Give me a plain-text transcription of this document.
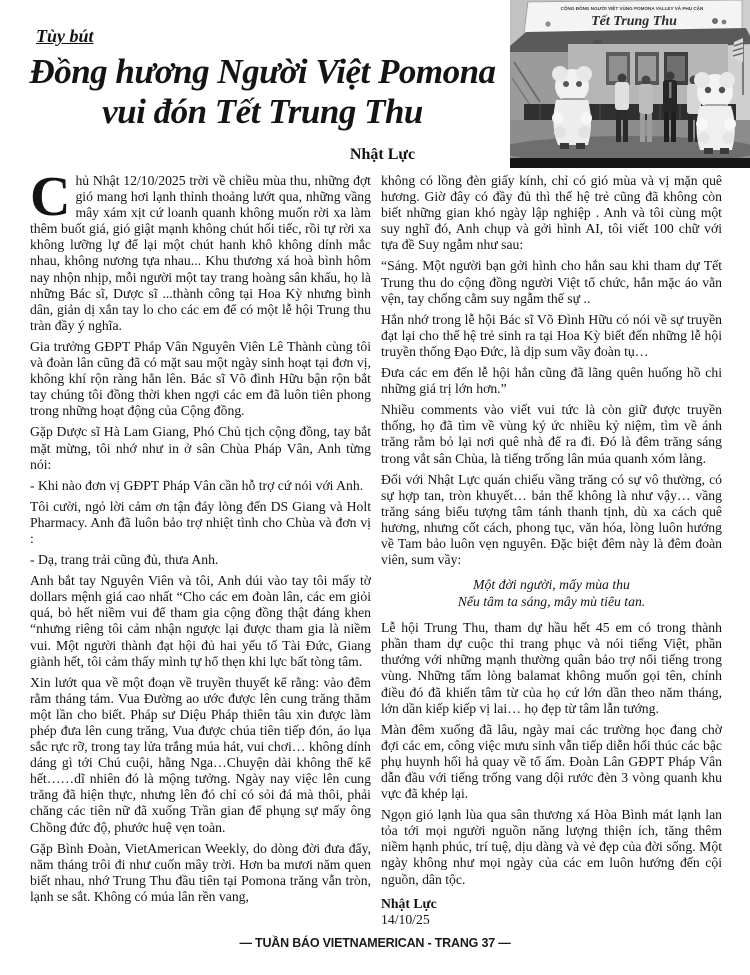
Tùy bút
Đồng hương Người Việt Pomona
vui đón Tết Trung Thu
Nhật Lực
CỘNG ĐỒNG NGƯỜI VIỆT VÙNG POMONA VALLEY VÀ PHỤ CẬN
Tết Trung Thu

Chủ Nhật 12/10/2025 trời về chiều mùa thu, những đợt gió mang hơi lạnh thỉnh thoảng lướt qua, những vầng mây xám xịt cứ loanh quanh không muốn rời xa làm thêm buốt giá, gió giật mạnh không chút hối tiếc, rồi tự rời xa không lưỡng lự để lại một chút hanh khô không dính mắc nhau, không nương tựa nhau... Khu thương xá hoà bình hôm nay nhộn nhịp, mỗi người một tay trang hoàng sân khấu, họ là những Bác sĩ, Dược sĩ ...thành công tại Hoa Kỳ nhưng bình dân, giản dị xắn tay lo cho các em để có một lễ hội Trung thu tràn đầy ý nghĩa.

Gia trưởng GĐPT Pháp Vân Nguyên Viên Lê Thành cùng tôi và đoàn lân cũng đã có mặt sau một ngày sinh hoạt tại đơn vị, không khí rộn ràng hẳn lên. Bác sĩ Võ đình Hữu bận rộn bắt tay chúng tôi đồng thời khen ngợi các em đã luôn tiên phong trong những hoạt động của Cộng đồng.

Gặp Dược sĩ Hà Lam Giang, Phó Chủ tịch cộng đồng, tay bắt mặt mừng, tôi nhớ như in ở sân Chùa Pháp Vân, Anh từng nói:

- Khi nào đơn vị GĐPT Pháp Vân cần hỗ trợ cứ nói với Anh.

Tôi cười, ngỏ lời cảm ơn tận đáy lòng đến DS Giang và Holt Pharmacy. Anh đã luôn bảo trợ nhiệt tình cho Chùa và đơn vị :

- Dạ, trang trải cũng đủ, thưa Anh.

Anh bắt tay Nguyên Viên và tôi, Anh dúi vào tay tôi mấy tờ dollars mệnh giá cao nhất “Cho các em đoàn lân, các em giỏi quá, bỏ hết niềm vui để tham gia cộng đồng thật đáng khen “nhưng riêng tôi cảm nhận ngược lại được tham gia là niềm vui. Một người thành đạt hội đủ hai yếu tố Tài Đức, Giang giành hết, tôi cảm thấy mình tự hổ thẹn khi lực bất tòng tâm.

Xin lướt qua về một đoạn về truyền thuyết kể rằng: vào đêm rằm tháng tám. Vua Đường ao ước được lên cung trăng thăm một lần cho biết. Pháp sư Diệu Pháp thiên tâu xin được làm phép đưa lên cung trăng, Vua được chúa tiên tiếp đón, áo lụa sắc rực rỡ, trong tay lửa trắng múa hát, vui chơi… không dính dáng gì tới Chú cuội, hằng Nga…Chuyện dài không thể kể hết……dĩ nhiên đó là mộng tưởng. Ngày nay việc lên cung trăng đã hiện thực, nhưng lên đó chỉ có sỏi đá mà thôi, phải chăng các tiên nữ đã xuống Trần gian để phụng sự mấy ông Chồng đức độ, phước huệ vẹn toàn.

Gặp Bình Đoàn, VietAmerican Weekly, do dòng đời đưa đẩy, năm tháng trôi đi như cuốn mây trời. Hơn ba mươi năm quen biết nhau, nhớ Trung Thu đầu tiên tại Pomona trăng vẫn tròn, lạnh se sắt. Không có múa lân rền vang,

không có lồng đèn giấy kính, chỉ có gió mùa và vị mặn quê hương. Giờ đây có đầy đủ thì thế hệ trẻ cũng đã không còn biết những gian khó ngày lập nghiệp . Anh và tôi cùng một suy nghĩ đó, Anh chụp và gởi hình AI, tôi viết 100 chữ với tựa đề Suy ngẫm như sau:

“Sáng. Một người bạn gởi hình cho hắn sau khi tham dự Tết Trung thu do cộng đồng người Việt tổ chức, hắn mặc áo vằn vện, tay chống cằm suy ngẫm thế sự ..

Hắn nhớ trong lễ hội Bác sĩ Võ Đình Hữu có nói về sự truyền đạt lại cho thế hệ trẻ sinh ra tại Hoa Kỳ biết đến những lễ hội truyền thống Đạo Đức, là dịp sum vầy đoàn tụ…

Đưa các em đến lễ hội hắn cũng đã lãng quên huống hồ chi những giá trị lớn hơn.”

Nhiều comments vào viết vui tức là còn giữ được truyền thống, họ đã tìm về vùng ký ức nhiều kỷ niệm, tìm về ánh trăng rằm bỏ lại nơi quê nhà để ra đi. Đó là đêm trăng sáng trong vắt sân Chùa, là tiếng trống lân múa quanh xóm làng.

Đối với Nhật Lực quán chiếu vầng trăng có sự vô thường, có sự hợp tan, tròn khuyết… bản thể không là như vậy… vầng trăng sáng biểu tượng tâm tánh thanh tịnh, dù xa cách quê hương, nhưng cốt cách, phong tục, văn hóa, lòng luôn hướng về Tam bảo luôn vẹn nguyên. Đặc biệt đêm này là đêm đoàn viên, sum vầy:

Một đời người, mấy mùa thu
Nếu tâm ta sáng, mây mù tiêu tan.

Lễ hội Trung Thu, tham dự hầu hết 45 em có trong thành phần tham dự cuộc thi trang phục và nói tiếng Việt, phần thưởng với những mạnh thường quân bảo trợ nổi tiếng trong vùng. Những tấm lòng balamat không muốn gọi tên, chính điều đó đã khiến tâm từ của họ cứ lớn dần theo năm tháng, lớn dần kiếp kiếp vị lai… họ đẹp từ tâm lẫn tướng.

Màn đêm xuống đã lâu, ngày mai các trường học đang chờ đợi các em, công việc mưu sinh vẫn tiếp diễn hối thúc các bậc phụ huynh hối hả quay về tổ ấm. Đoàn Lân GĐPT Pháp Vân dẫn đầu với tiếng trống vang dội rước đèn 3 vòng quanh khu vực đã khép lại.

Ngọn gió lạnh lùa qua sân thương xá Hòa Bình mát lạnh lan tỏa tới mọi người nguồn năng lượng thiện ích, tăng thêm niềm hạnh phúc, trí tuệ, dịu dàng và vẻ đẹp của đời sống. Một ngày không như mọi ngày của các em luôn hướng đến cội nguồn, dân tộc.

Nhật Lực
14/10/25
— TUẦN BÁO VIETNAMERICAN - TRANG 37 —
